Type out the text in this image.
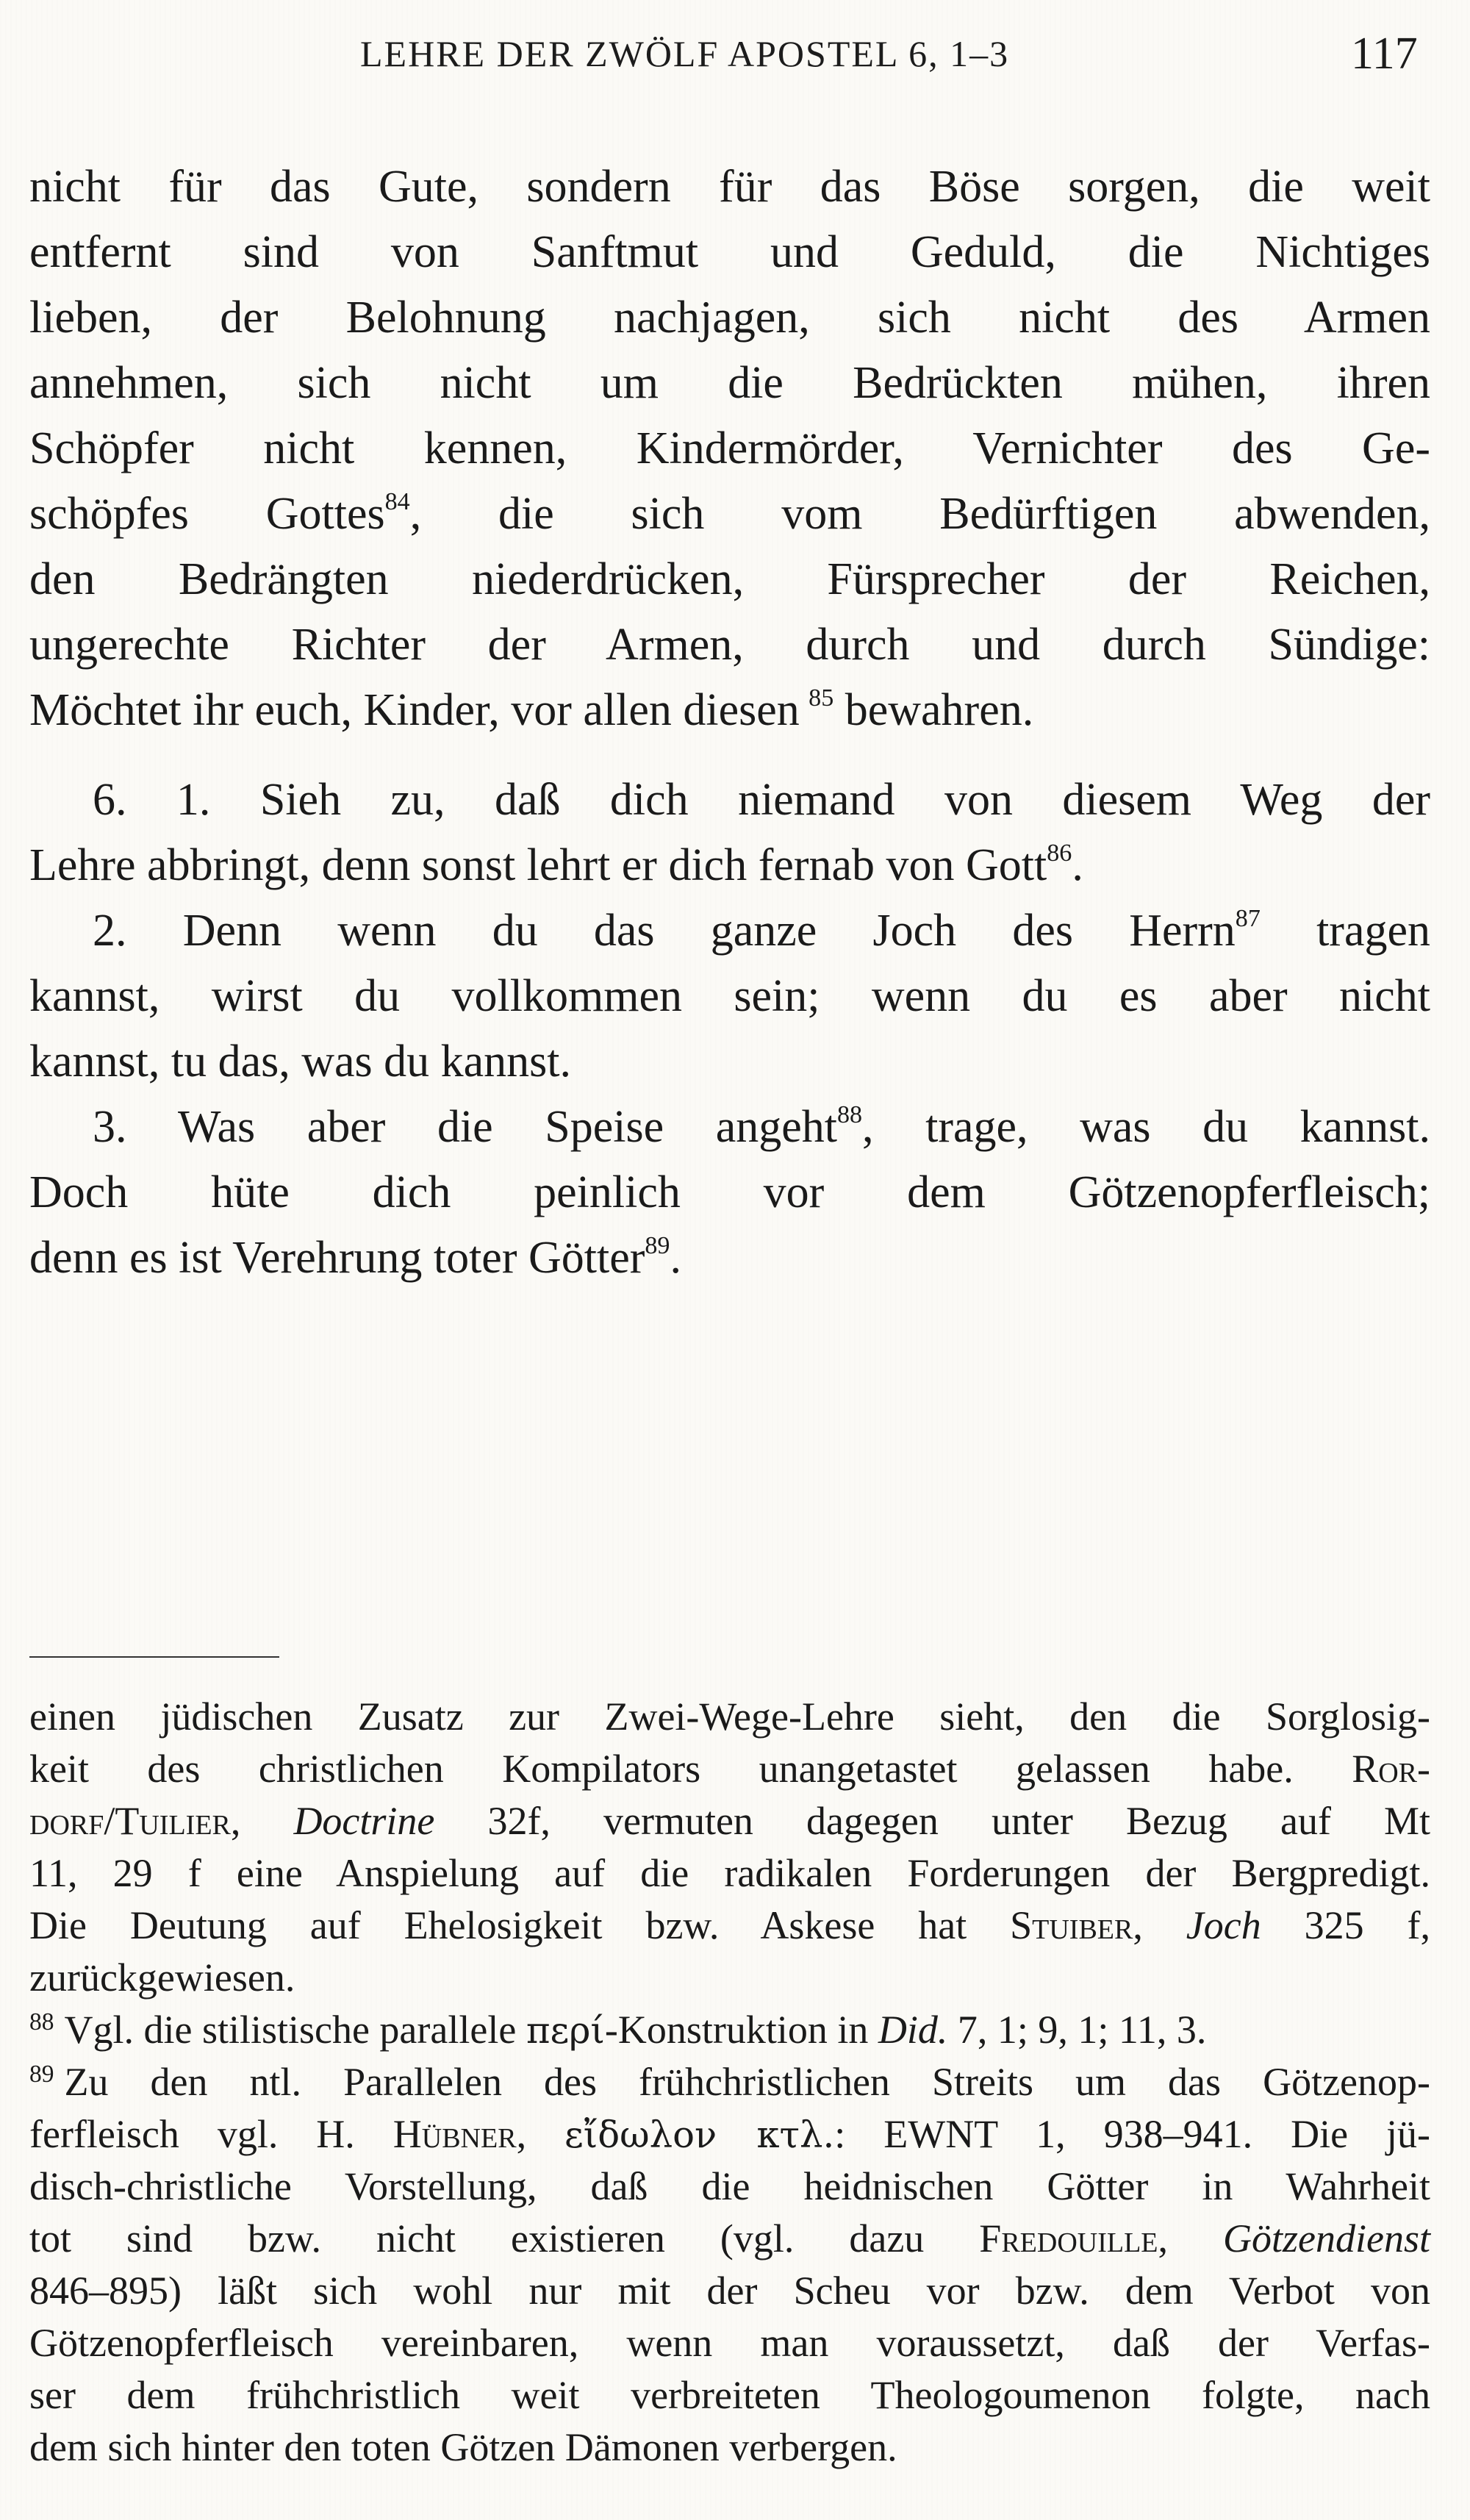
LEHRE DER ZWÖLF APOSTEL 6, 1–3	117
nicht für das Gute, sondern für das Böse sorgen, die weit
entfernt sind von Sanftmut und Geduld, die Nichtiges
lieben, der Belohnung nachjagen, sich nicht des Armen
annehmen, sich nicht um die Bedrückten mühen, ihren
Schöpfer nicht kennen, Kindermörder, Vernichter des Ge-
schöpfes Gottes$^{84}$, die sich vom Bedürftigen abwenden,
den Bedrängten niederdrücken, Fürsprecher der Reichen,
ungerechte Richter der Armen, durch und durch Sündige:
Möchtet ihr euch, Kinder, vor allen diesen  $^{85}$ bewahren.
6. 1. Sieh zu, daß dich niemand von diesem Weg der
Lehre abbringt, denn sonst lehrt er dich fernab von Gott$^{86}$.
2. Denn wenn du das ganze Joch des Herrn$^{87}$ tragen
kannst, wirst du vollkommen sein; wenn du es aber nicht
kannst, tu das, was du kannst.
3. Was aber die Speise angeht$^{88}$, trage, was du kannst.
Doch hüte dich peinlich vor dem Götzenopferfleisch;
denn es ist Verehrung toter Götter$^{89}$.
einen jüdischen Zusatz zur Zwei-Wege-Lehre sieht, den die Sorglosig-
keit des christlichen Kompilators unangetastet gelassen habe. Ror-
dorf/Tuilier, Doctrine 32f, vermuten dagegen unter Bezug auf Mt
11, 29 f eine Anspielung auf die radikalen Forderungen der Bergpredigt.
Die Deutung auf Ehelosigkeit bzw. Askese hat Stuiber, Joch 325 f,
zurückgewiesen.
$^{88}$ Vgl. die stilistische parallele περί-Konstruktion in Did. 7, 1; 9, 1; 11, 3.
$^{89}$ Zu den ntl. Parallelen des frühchristlichen Streits um das Götzenop-
ferfleisch vgl. H. Hübner, εἴδωλον κτλ.: EWNT 1, 938–941. Die jü-
disch-christliche Vorstellung, daß die heidnischen Götter in Wahrheit
tot sind bzw. nicht existieren (vgl. dazu Fredouille, Götzendienst
846–895) läßt sich wohl nur mit der Scheu vor bzw. dem Verbot von
Götzenopferfleisch vereinbaren, wenn man voraussetzt, daß der Verfas-
ser dem frühchristlich weit verbreiteten Theologoumenon folgte, nach
dem sich hinter den toten Götzen Dämonen verbergen.
